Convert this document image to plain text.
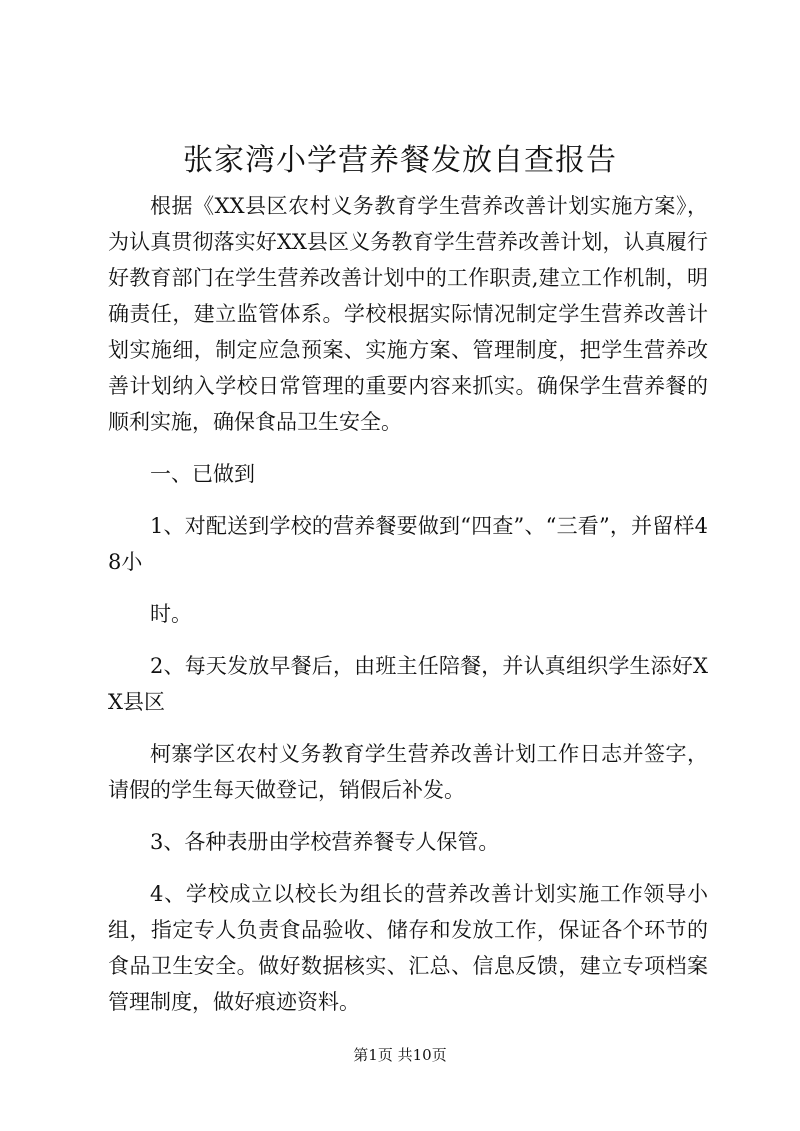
张家湾小学营养餐发放自查报告

根据《XX县区农村义务教育学生营养改善计划实施方案》，为认真贯彻落实好XX县区义务教育学生营养改善计划，认真履行好教育部门在学生营养改善计划中的工作职责,建立工作机制，明确责任，建立监管体系。学校根据实际情况制定学生营养改善计划实施细，制定应急预案、实施方案、管理制度，把学生营养改善计划纳入学校日常管理的重要内容来抓实。确保学生营养餐的顺利实施，确保食品卫生安全。

一、已做到

1、对配送到学校的营养餐要做到“四查”、“三看”，并留样48小

时。

2、每天发放早餐后，由班主任陪餐，并认真组织学生添好XX县区

柯寨学区农村义务教育学生营养改善计划工作日志并签字，请假的学生每天做登记，销假后补发。

3、各种表册由学校营养餐专人保管。

4、学校成立以校长为组长的营养改善计划实施工作领导小组，指定专人负责食品验收、储存和发放工作，保证各个环节的食品卫生安全。做好数据核实、汇总、信息反馈，建立专项档案管理制度，做好痕迹资料。

第1页 共10页
